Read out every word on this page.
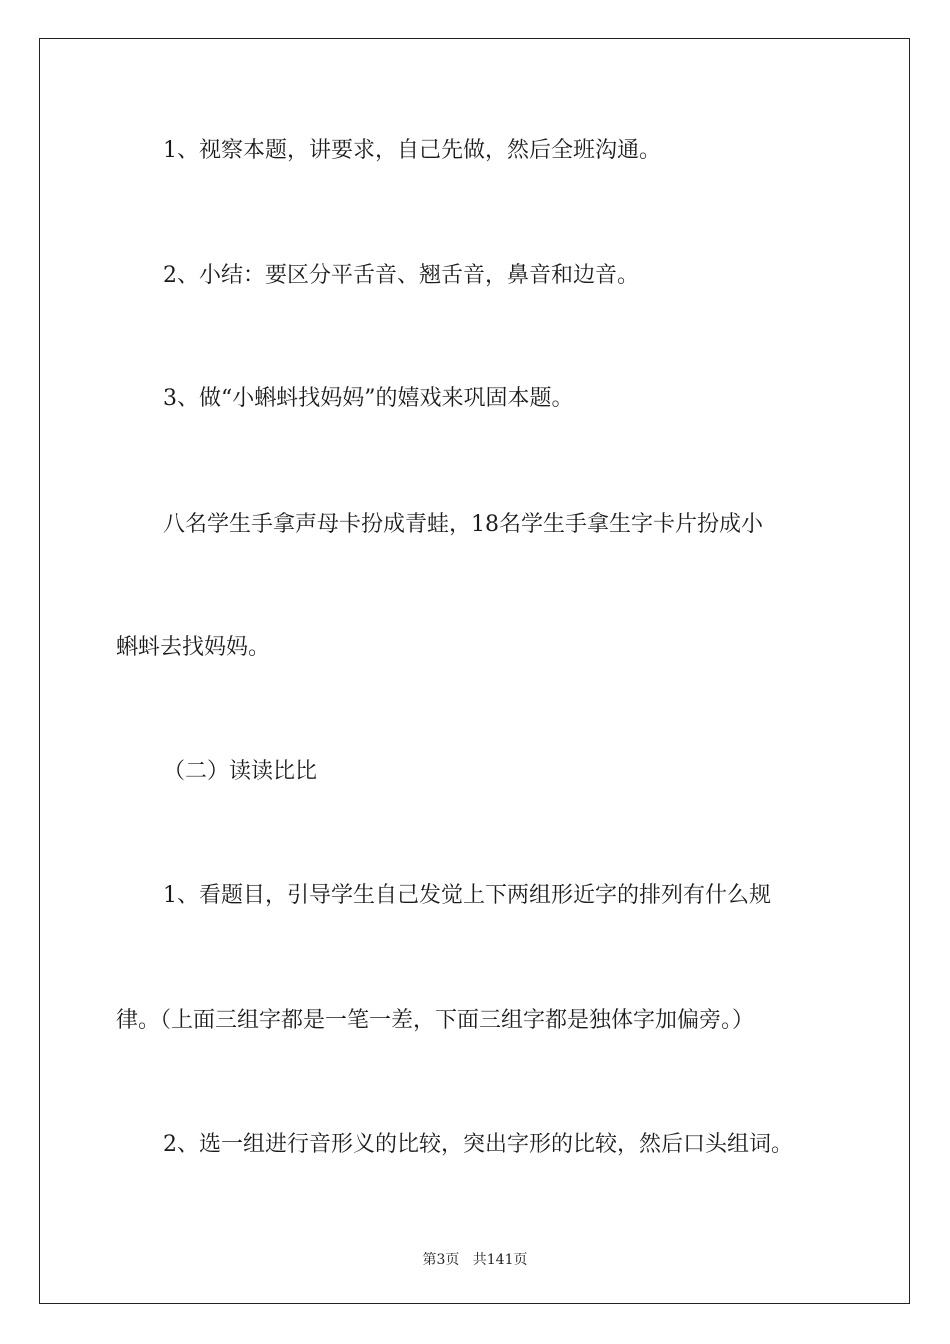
1、视察本题，讲要求，自己先做，然后全班沟通。
2、小结：要区分平舌音、翘舌音，鼻音和边音。
3、做“小蝌蚪找妈妈”的嬉戏来巩固本题。
八名学生手拿声母卡扮成青蛙，18名学生手拿生字卡片扮成小
蝌蚪去找妈妈。
（二）读读比比
1、看题目，引导学生自己发觉上下两组形近字的排列有什么规
律。（上面三组字都是一笔一差，下面三组字都是独体字加偏旁。）
2、选一组进行音形义的比较，突出字形的比较，然后口头组词。
第3页 共141页
